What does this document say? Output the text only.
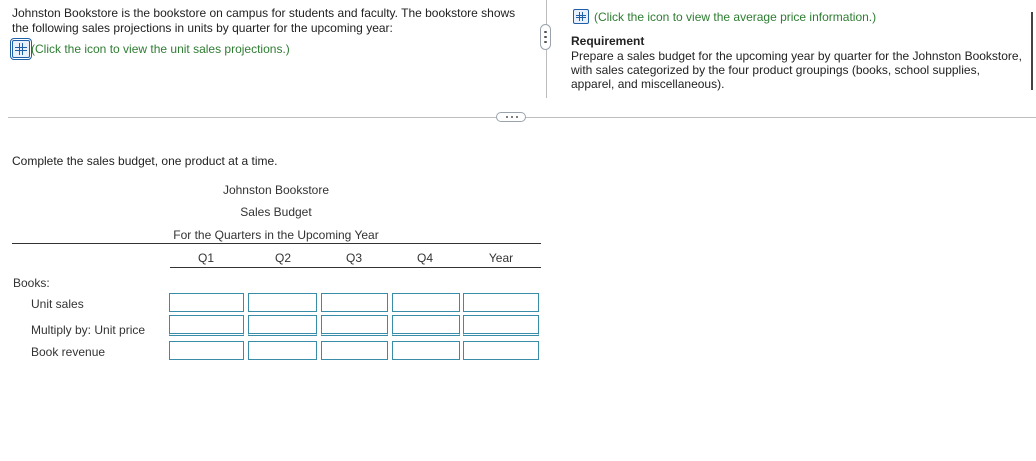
Johnston Bookstore is the bookstore on campus for students and faculty. The bookstore shows the following sales projections in units by quarter for the upcoming year:
(Click the icon to view the unit sales projections.)
(Click the icon to view the average price information.)
Requirement
Prepare a sales budget for the upcoming year by quarter for the Johnston Bookstore, with sales categorized by the four product groupings (books, school supplies, apparel, and miscellaneous).
Complete the sales budget, one product at a time.
Johnston Bookstore
Sales Budget
For the Quarters in the Upcoming Year
Q1	Q2	Q3	Q4	Year
Books:
Unit sales
Multiply by: Unit price
Book revenue
